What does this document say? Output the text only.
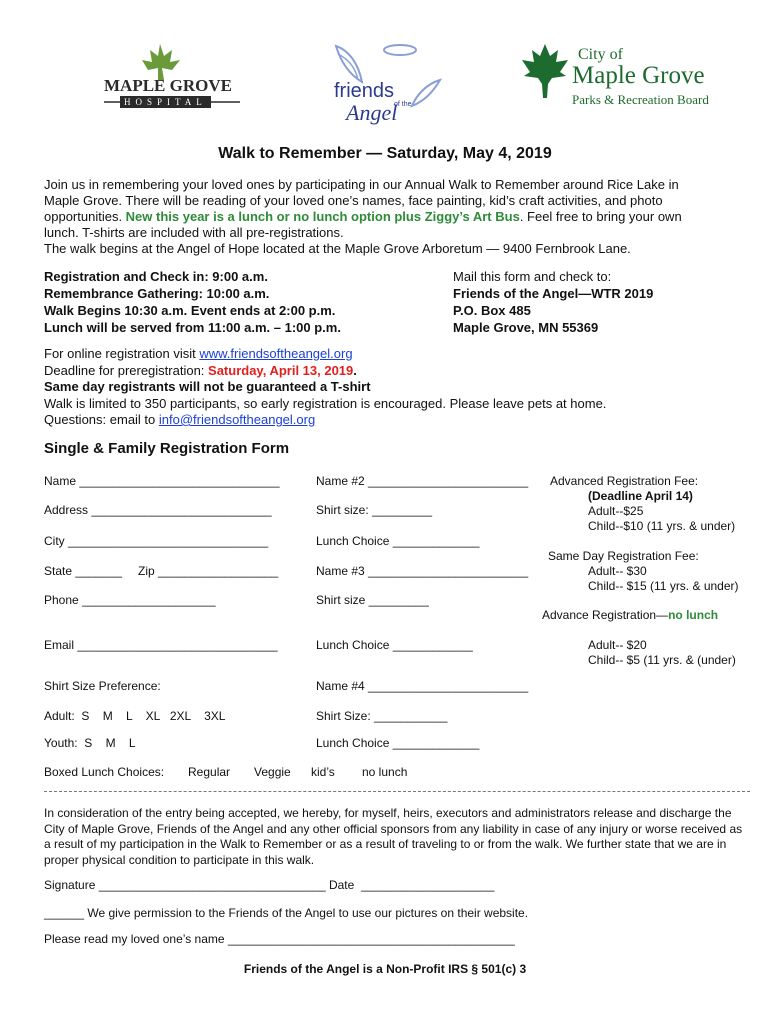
MAPLE GROVE
HOSPITAL	friends
of the
Angel
City of
Maple Grove
Parks & Recreation Board
Walk to Remember — Saturday, May 4, 2019
Join us in remembering your loved ones by participating in our Annual Walk to Remember around Rice Lake in Maple Grove. There will be reading of your loved one’s names, face painting, kid’s craft activities, and photo opportunities. New this year is a lunch or no lunch option plus Ziggy’s Art Bus. Feel free to bring your own lunch. T-shirts are included with all pre-registrations.
The walk begins at the Angel of Hope located at the Maple Grove Arboretum — 9400 Fernbrook Lane.
Registration and Check in: 9:00 a.m.
Remembrance Gathering: 10:00 a.m.
Walk Begins 10:30 a.m. Event ends at 2:00 p.m.
Lunch will be served from 11:00 a.m. – 1:00 p.m.
Mail this form and check to:
Friends of the Angel—WTR 2019
P.O. Box 485
Maple Grove, MN 55369
For online registration visit www.friendsoftheangel.org
Deadline for preregistration: Saturday, April 13, 2019.
Same day registrants will not be guaranteed a T-shirt
Walk is limited to 350 participants, so early registration is encouraged. Please leave pets at home.
Questions: email to info@friendsoftheangel.org
Single & Family Registration Form
Name ______________________________
Address ___________________________
City ______________________________
State _______ Zip __________________
Phone ____________________
Email ______________________________
Shirt Size Preference:
Adult:  S    M    L    XL   2XL    3XL
Youth:  S    M    L
Boxed Lunch Choices: Regular Veggie kid’s no lunch
Name #2 ________________________
Shirt size: _________
Lunch Choice _____________
Name #3 ________________________
Shirt size _________
Lunch Choice ____________
Name #4 ________________________
Shirt Size: ___________
Lunch Choice _____________
Advanced Registration Fee:
(Deadline April 14)
Adult--$25
Child--$10 (11 yrs. & under)
Same Day Registration Fee:
Adult-- $30
Child-- $15 (11 yrs. & under)
Advance Registration—no lunch
Adult-- $20
Child-- $5 (11 yrs. & (under)
In consideration of the entry being accepted, we hereby, for myself, heirs, executors and administrators release and discharge the City of Maple Grove, Friends of the Angel and any other official sponsors from any liability in case of any injury or worse received as a result of my participation in the Walk to Remember or as a result of traveling to or from the walk. We further state that we are in proper physical condition to participate in this walk.
Signature __________________________________ Date  ____________________
______ We give permission to the Friends of the Angel to use our pictures on their website.
Please read my loved one’s name ___________________________________________
Friends of the Angel is a Non-Profit IRS § 501(c) 3
